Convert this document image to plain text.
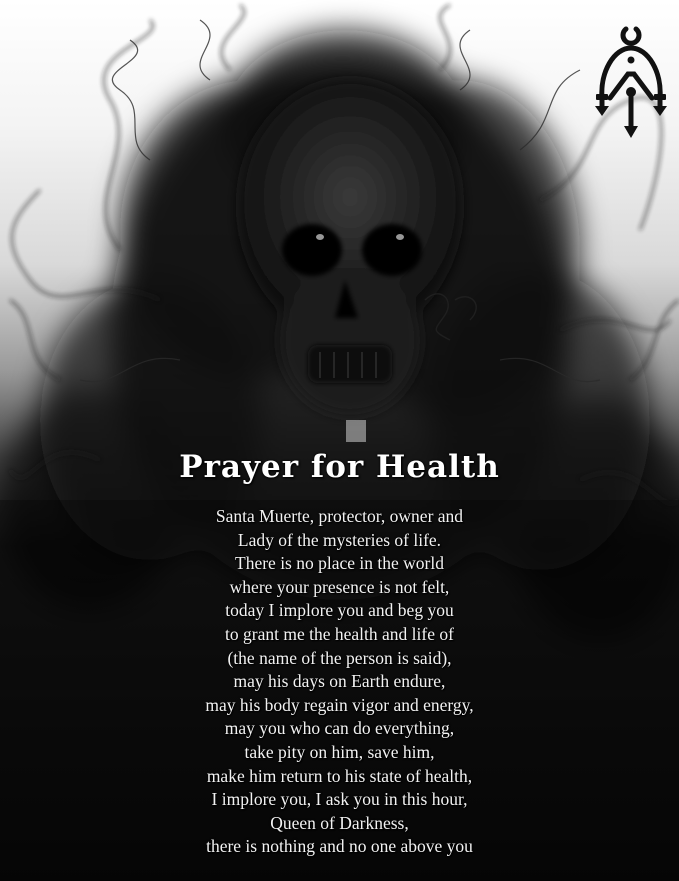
Prayer for Health
Santa Muerte, protector, owner and
Lady of the mysteries of life.
There is no place in the world
where your presence is not felt,
today I implore you and beg you
to grant me the health and life of
(the name of the person is said),
may his days on Earth endure,
may his body regain vigor and energy,
may you who can do everything,
take pity on him, save him,
make him return to his state of health,
I implore you, I ask you in this hour,
Queen of Darkness,
there is nothing and no one above you
